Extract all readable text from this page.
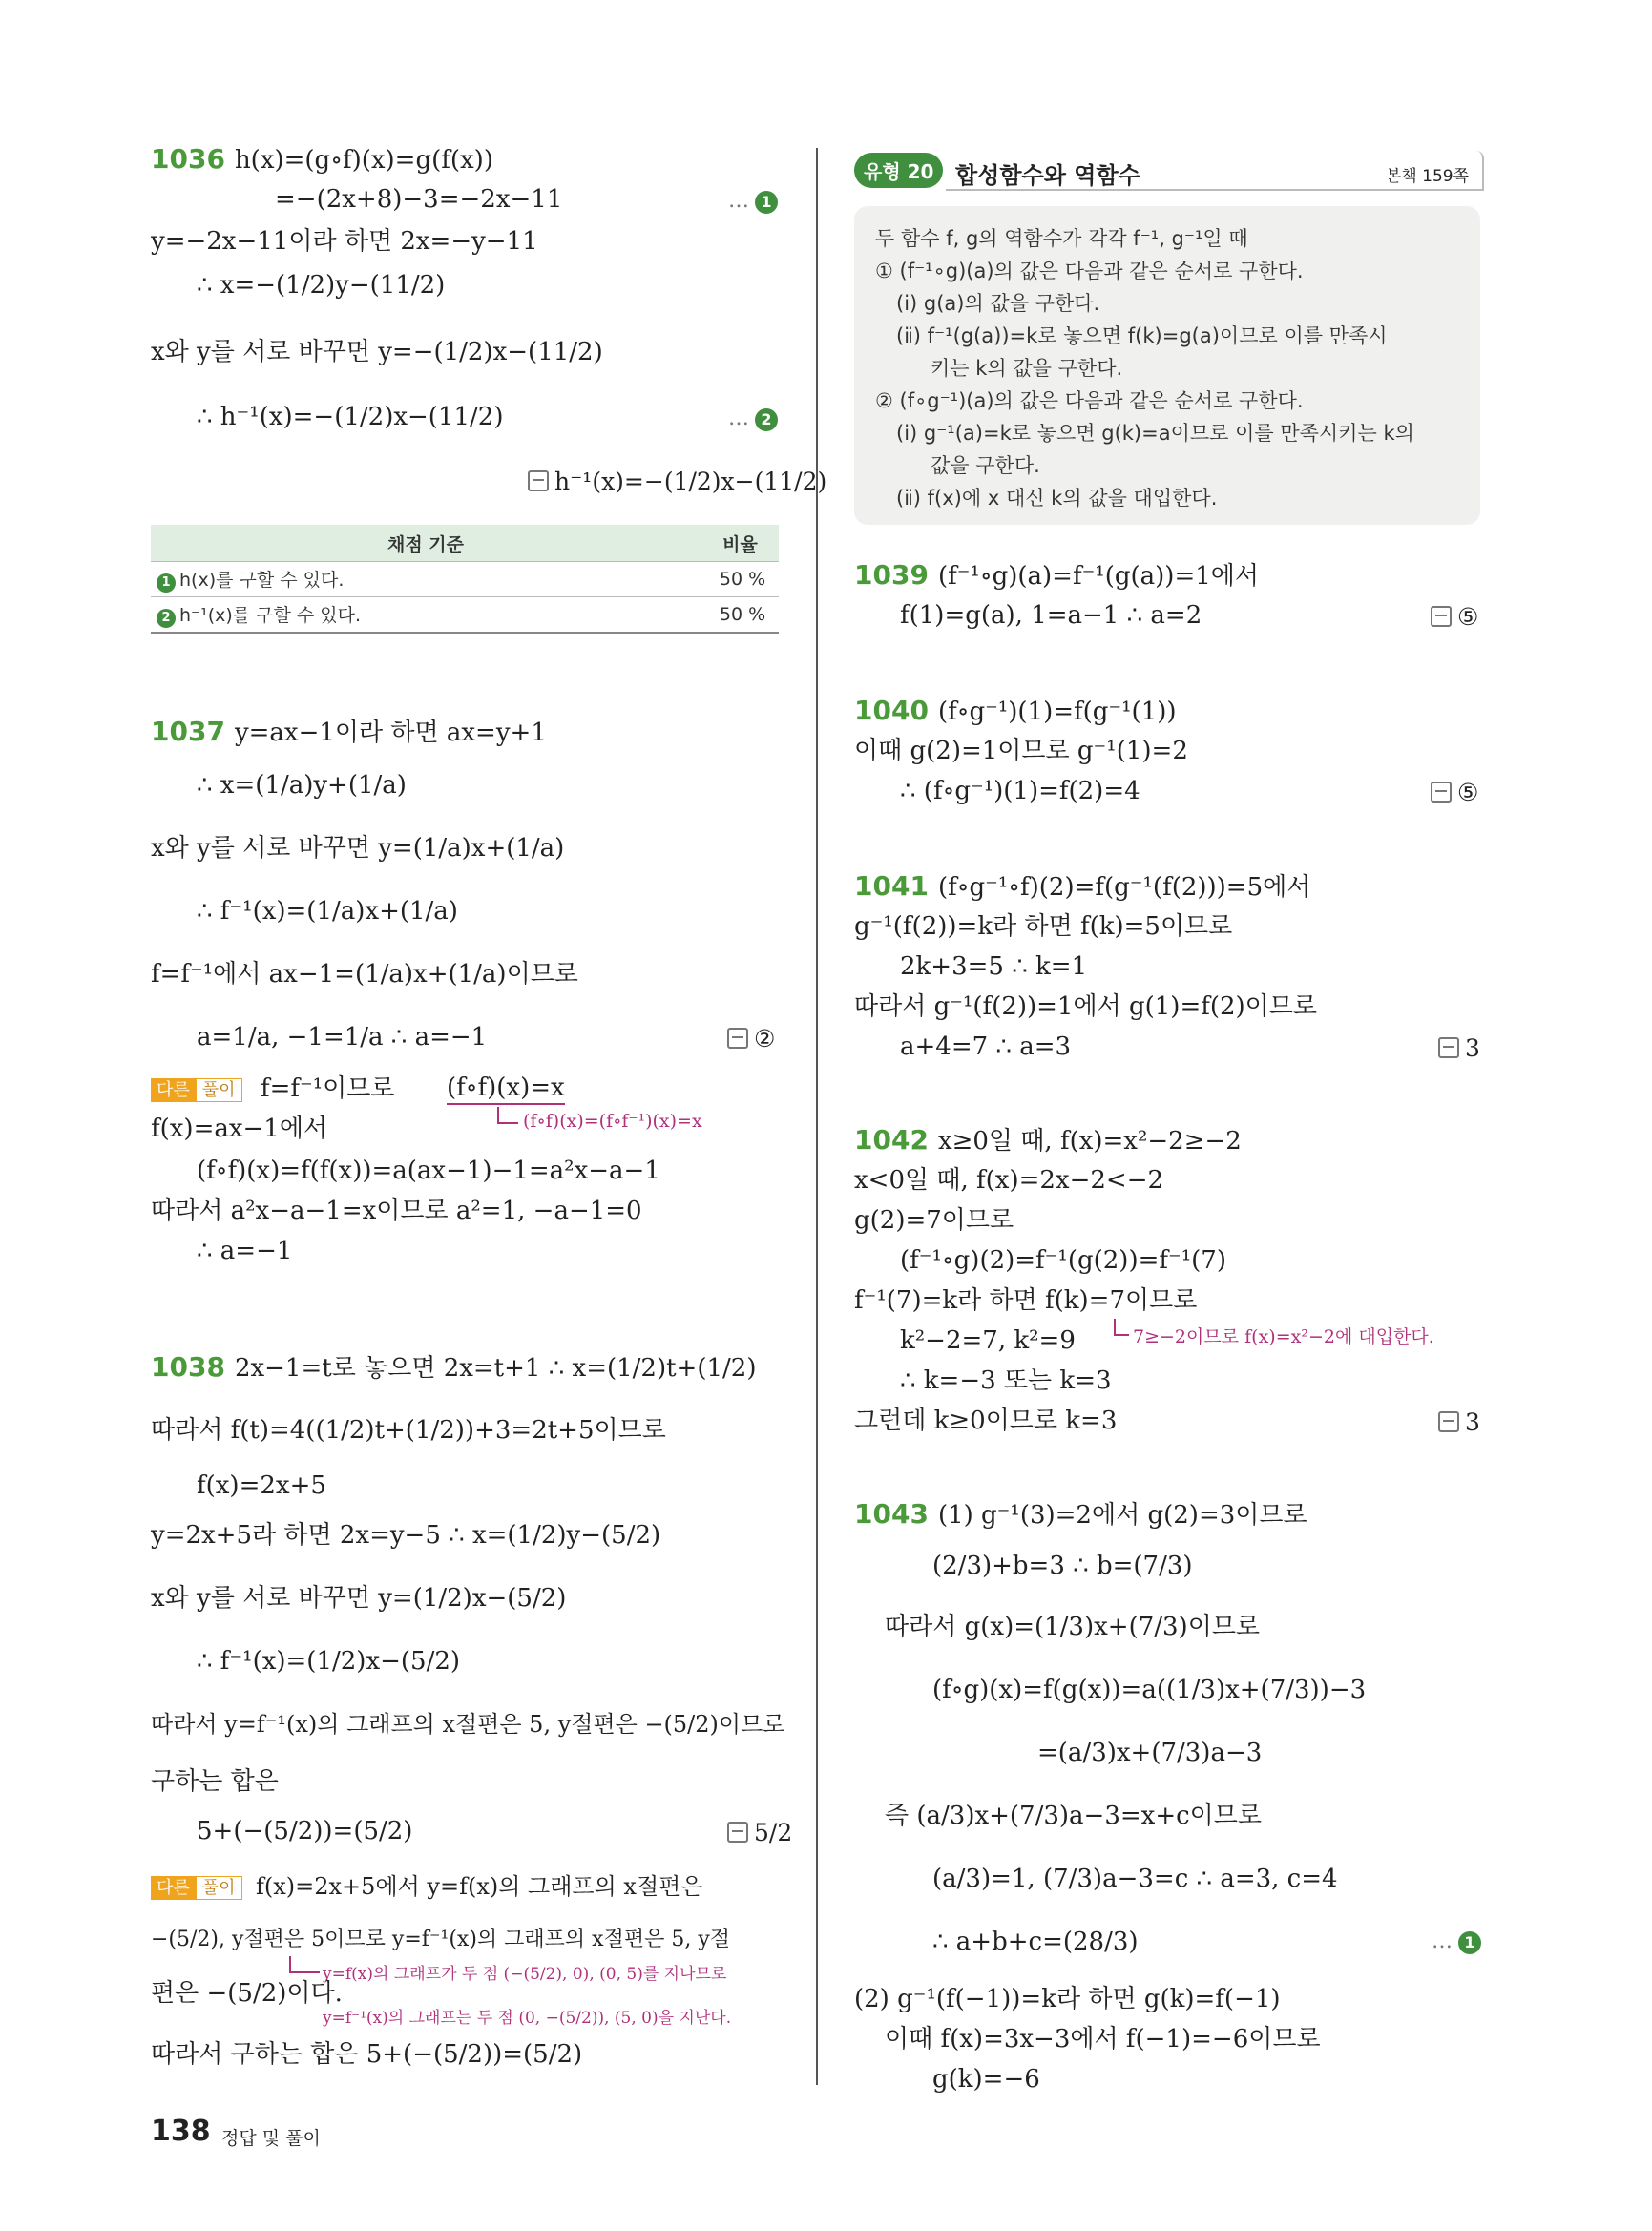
1036 h(x)=(g∘f)(x)=g(f(x))
=−(2x+8)−3=−2x−11	… 1
y=−2x−11이라 하면 2x=−y−11
∴ x=−(1/2)y−(11/2)
x와 y를 서로 바꾸면 y=−(1/2)x−(11/2)
∴ h⁻¹(x)=−(1/2)x−(11/2)	… 2
h⁻¹(x)=−(1/2)x−(11/2)
채점 기준	비율
1 h(x)를 구할 수 있다.	50 %
2 h⁻¹(x)를 구할 수 있다.	50 %
1037 y=ax−1이라 하면 ax=y+1
∴ x=(1/a)y+(1/a)
x와 y를 서로 바꾸면 y=(1/a)x+(1/a)
∴ f⁻¹(x)=(1/a)x+(1/a)
f=f⁻¹에서 ax−1=(1/a)x+(1/a)이므로
a=1/a, −1=1/a ∴ a=−1	②
다른 풀이 f=f⁻¹이므로 (f∘f)(x)=x
(f∘f)(x)=(f∘f⁻¹)(x)=x
f(x)=ax−1에서
(f∘f)(x)=f(f(x))=a(ax−1)−1=a²x−a−1
따라서 a²x−a−1=x이므로 a²=1, −a−1=0
∴ a=−1
1038 2x−1=t로 놓으면 2x=t+1 ∴ x=(1/2)t+(1/2)
따라서 f(t)=4((1/2)t+(1/2))+3=2t+5이므로
f(x)=2x+5
y=2x+5라 하면 2x=y−5 ∴ x=(1/2)y−(5/2)
x와 y를 서로 바꾸면 y=(1/2)x−(5/2)
∴ f⁻¹(x)=(1/2)x−(5/2)
따라서 y=f⁻¹(x)의 그래프의 x절편은 5, y절편은 −(5/2)이므로
구하는 합은
5+(−(5/2))=(5/2)	5/2
다른 풀이 f(x)=2x+5에서 y=f(x)의 그래프의 x절편은
−(5/2), y절편은 5이므로 y=f⁻¹(x)의 그래프의 x절편은 5, y절
y=f(x)의 그래프가 두 점 (−(5/2), 0), (0, 5)를 지나므로
편은 −(5/2)이다.
y=f⁻¹(x)의 그래프는 두 점 (0, −(5/2)), (5, 0)을 지난다.
따라서 구하는 합은 5+(−(5/2))=(5/2)
유형 20 합성함수와 역함수	본책 159쪽
두 함수 f, g의 역함수가 각각 f⁻¹, g⁻¹일 때
① (f⁻¹∘g)(a)의 값은 다음과 같은 순서로 구한다.
(ⅰ) g(a)의 값을 구한다.
(ⅱ) f⁻¹(g(a))=k로 놓으면 f(k)=g(a)이므로 이를 만족시
키는 k의 값을 구한다.
② (f∘g⁻¹)(a)의 값은 다음과 같은 순서로 구한다.
(ⅰ) g⁻¹(a)=k로 놓으면 g(k)=a이므로 이를 만족시키는 k의
값을 구한다.
(ⅱ) f(x)에 x 대신 k의 값을 대입한다.
1039 (f⁻¹∘g)(a)=f⁻¹(g(a))=1에서
f(1)=g(a), 1=a−1 ∴ a=2	⑤
1040 (f∘g⁻¹)(1)=f(g⁻¹(1))
이때 g(2)=1이므로 g⁻¹(1)=2
∴ (f∘g⁻¹)(1)=f(2)=4	⑤
1041 (f∘g⁻¹∘f)(2)=f(g⁻¹(f(2)))=5에서
g⁻¹(f(2))=k라 하면 f(k)=5이므로
2k+3=5 ∴ k=1
따라서 g⁻¹(f(2))=1에서 g(1)=f(2)이므로
a+4=7 ∴ a=3	3
1042 x≥0일 때, f(x)=x²−2≥−2
x<0일 때, f(x)=2x−2<−2
g(2)=7이므로
(f⁻¹∘g)(2)=f⁻¹(g(2))=f⁻¹(7)
f⁻¹(7)=k라 하면 f(k)=7이므로
k²−2=7, k²=9	7≥−2이므로 f(x)=x²−2에 대입한다.
∴ k=−3 또는 k=3
그런데 k≥0이므로 k=3	3
1043 (1) g⁻¹(3)=2에서 g(2)=3이므로
(2/3)+b=3 ∴ b=(7/3)
따라서 g(x)=(1/3)x+(7/3)이므로
(f∘g)(x)=f(g(x))=a((1/3)x+(7/3))−3
=(a/3)x+(7/3)a−3
즉 (a/3)x+(7/3)a−3=x+c이므로
(a/3)=1, (7/3)a−3=c ∴ a=3, c=4
∴ a+b+c=(28/3)	… 1
(2) g⁻¹(f(−1))=k라 하면 g(k)=f(−1)
이때 f(x)=3x−3에서 f(−1)=−6이므로
g(k)=−6
138 정답 및 풀이
